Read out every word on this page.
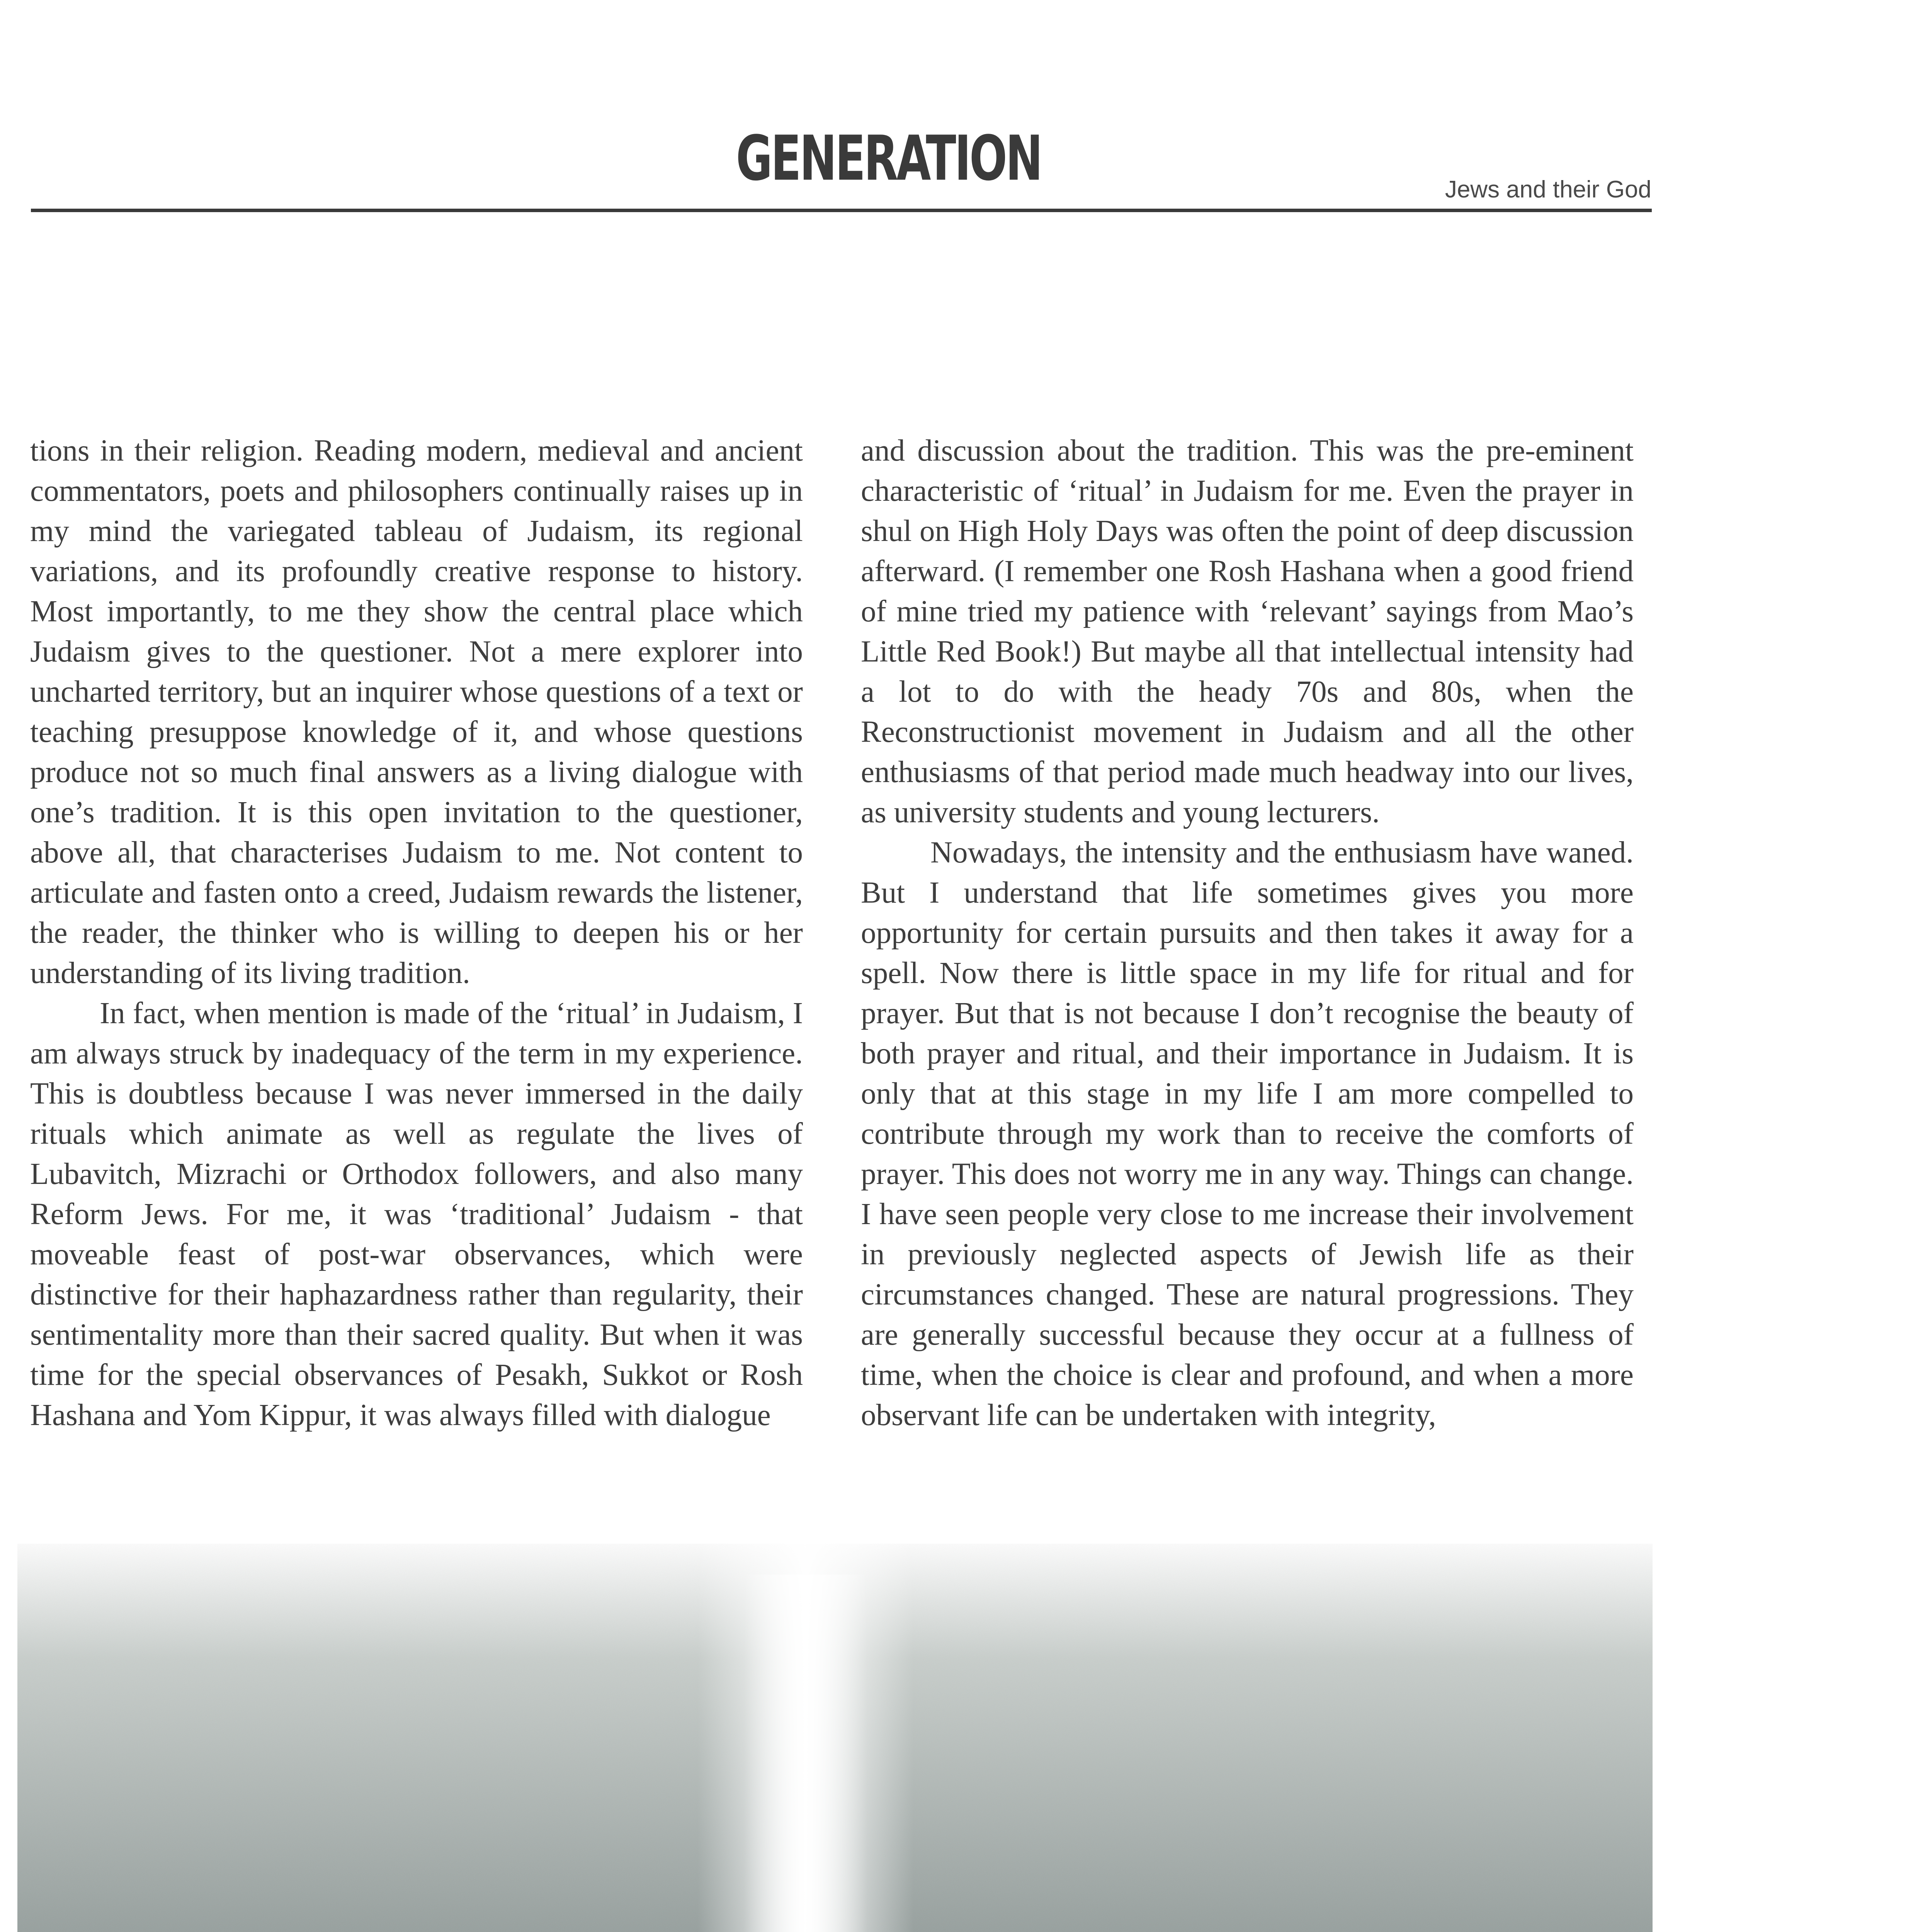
GENERATION	Jews and their God

tions in their religion. Reading modern, medieval and ancient commentators, poets and philosophers continually raises up in my mind the variegated tableau of Judaism, its regional variations, and its profoundly creative response to history. Most importantly, to me they show the central place which Judaism gives to the questioner. Not a mere explorer into uncharted territory, but an inquirer whose questions of a text or teaching presuppose knowledge of it, and whose questions produce not so much final answers as a living dialogue with one’s tradition. It is this open invitation to the questioner, above all, that characterises Judaism to me. Not content to articulate and fasten onto a creed, Judaism rewards the listener, the reader, the thinker who is willing to deepen his or her understanding of its living tradition.

In fact, when mention is made of the ‘ritual’ in Judaism, I am always struck by inadequacy of the term in my experience. This is doubtless because I was never immersed in the daily rituals which animate as well as regulate the lives of Lubavitch, Mizrachi or Orthodox followers, and also many Reform Jews. For me, it was ‘traditional’ Judaism - that moveable feast of post-war observances, which were distinctive for their haphazardness rather than regularity, their sentimentality more than their sacred quality. But when it was time for the special observances of Pesakh, Sukkot or Rosh Hashana and Yom Kippur, it was always filled with dialogue

and discussion about the tradition. This was the pre-eminent characteristic of ‘ritual’ in Judaism for me. Even the prayer in shul on High Holy Days was often the point of deep discussion afterward. (I remember one Rosh Hashana when a good friend of mine tried my patience with ‘relevant’ sayings from Mao’s Little Red Book!) But maybe all that intellectual intensity had a lot to do with the heady 70s and 80s, when the Reconstructionist movement in Judaism and all the other enthusiasms of that period made much headway into our lives, as university students and young lecturers.

Nowadays, the intensity and the enthusiasm have waned. But I understand that life sometimes gives you more opportunity for certain pursuits and then takes it away for a spell. Now there is little space in my life for ritual and for prayer. But that is not because I don’t recognise the beauty of both prayer and ritual, and their importance in Judaism. It is only that at this stage in my life I am more compelled to contribute through my work than to receive the comforts of prayer. This does not worry me in any way. Things can change. I have seen people very close to me increase their involvement in previously neglected aspects of Jewish life as their circumstances changed. These are natural progressions. They are generally successful because they occur at a fullness of time, when the choice is clear and profound, and when a more observant life can be undertaken with integrity,
